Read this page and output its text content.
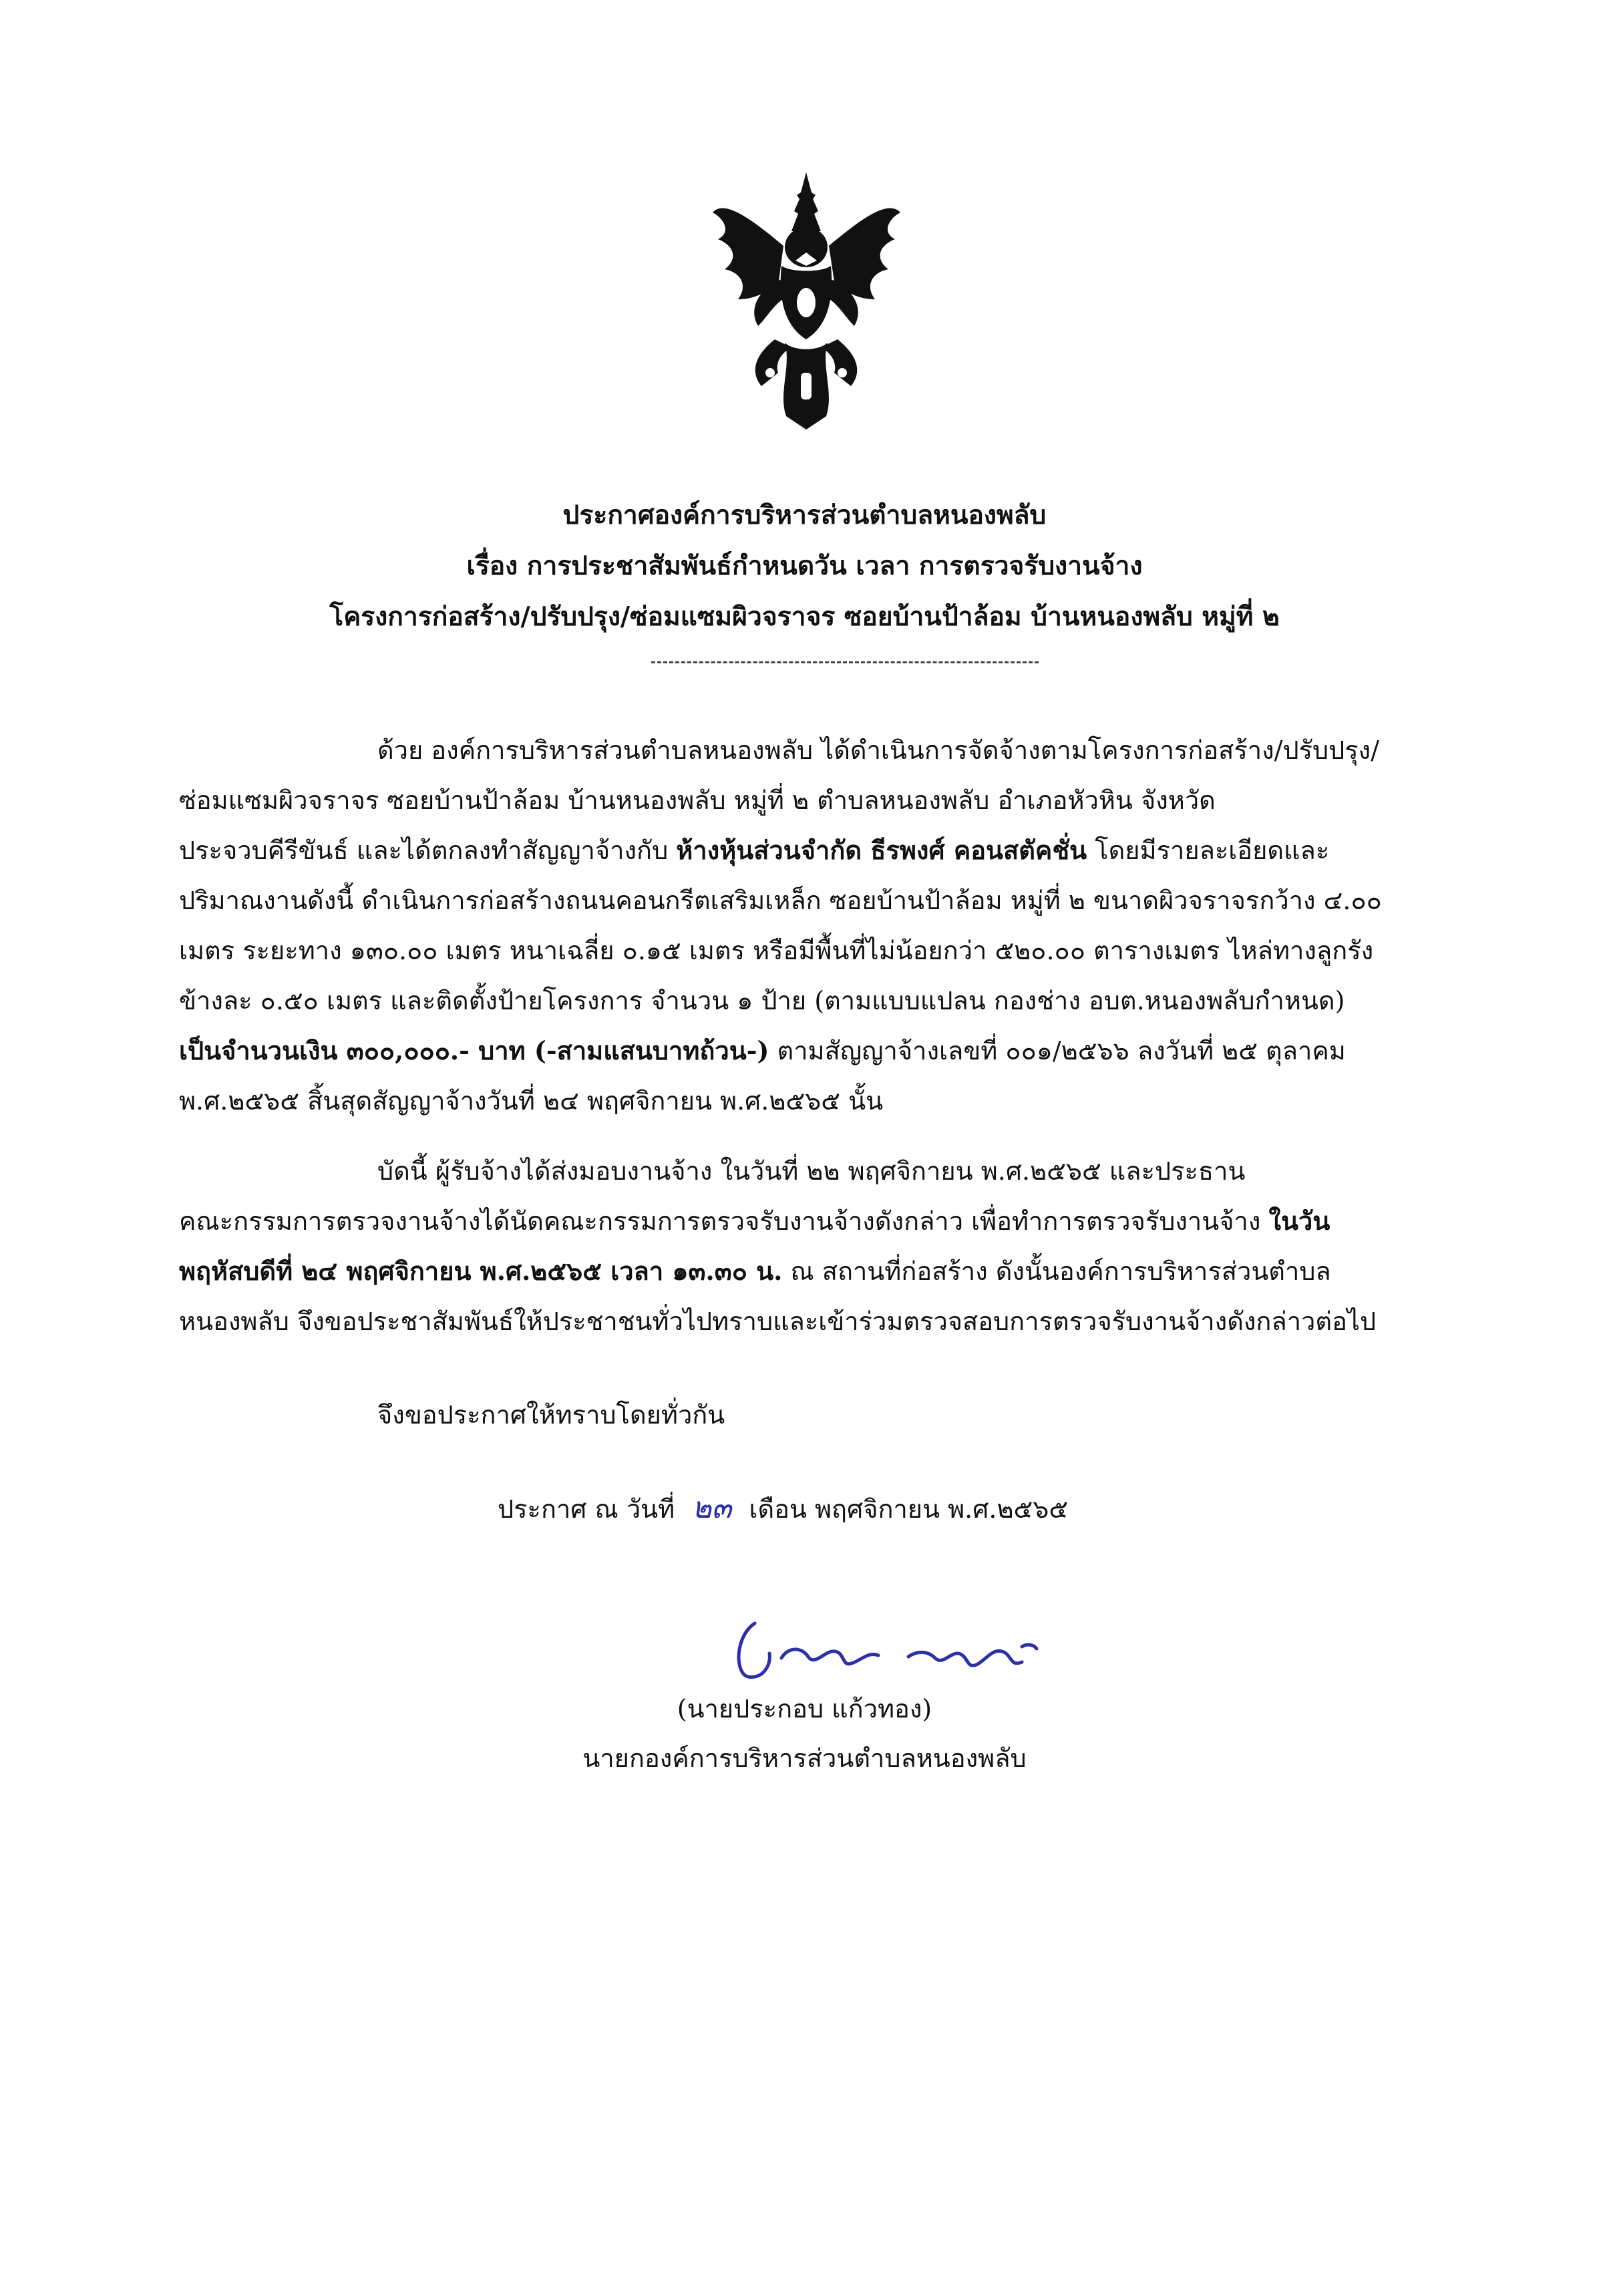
ประกาศองค์การบริหารส่วนตำบลหนองพลับ
เรื่อง การประชาสัมพันธ์กำหนดวัน เวลา การตรวจรับงานจ้าง
โครงการก่อสร้าง/ปรับปรุง/ซ่อมแซมผิวจราจร ซอยบ้านป้าล้อม บ้านหนองพลับ หมู่ที่ ๒
ด้วย องค์การบริหารส่วนตำบลหนองพลับ ได้ดำเนินการจัดจ้างตามโครงการก่อสร้าง/ปรับปรุง/
ซ่อมแซมผิวจราจร ซอยบ้านป้าล้อม บ้านหนองพลับ หมู่ที่ ๒ ตำบลหนองพลับ อำเภอหัวหิน จังหวัด
ประจวบคีรีขันธ์ และได้ตกลงทำสัญญาจ้างกับ ห้างหุ้นส่วนจำกัด ธีรพงศ์ คอนสตัคชั่น โดยมีรายละเอียดและ
ปริมาณงานดังนี้ ดำเนินการก่อสร้างถนนคอนกรีตเสริมเหล็ก ซอยบ้านป้าล้อม หมู่ที่ ๒ ขนาดผิวจราจรกว้าง ๔.๐๐
เมตร ระยะทาง ๑๓๐.๐๐ เมตร หนาเฉลี่ย ๐.๑๕ เมตร หรือมีพื้นที่ไม่น้อยกว่า ๕๒๐.๐๐ ตารางเมตร ไหล่ทางลูกรัง
ข้างละ ๐.๕๐ เมตร และติดตั้งป้ายโครงการ จำนวน ๑ ป้าย (ตามแบบแปลน กองช่าง อบต.หนองพลับกำหนด)
เป็นจำนวนเงิน ๓๐๐,๐๐๐.- บาท (-สามแสนบาทถ้วน-) ตามสัญญาจ้างเลขที่ ๐๐๑/๒๕๖๖ ลงวันที่ ๒๕ ตุลาคม
พ.ศ.๒๕๖๕ สิ้นสุดสัญญาจ้างวันที่ ๒๔ พฤศจิกายน พ.ศ.๒๕๖๕ นั้น
บัดนี้ ผู้รับจ้างได้ส่งมอบงานจ้าง ในวันที่ ๒๒ พฤศจิกายน พ.ศ.๒๕๖๕ และประธาน
คณะกรรมการตรวจงานจ้างได้นัดคณะกรรมการตรวจรับงานจ้างดังกล่าว เพื่อทำการตรวจรับงานจ้าง ในวัน
พฤหัสบดีที่ ๒๔ พฤศจิกายน พ.ศ.๒๕๖๕ เวลา ๑๓.๓๐ น. ณ สถานที่ก่อสร้าง ดังนั้นองค์การบริหารส่วนตำบล
หนองพลับ จึงขอประชาสัมพันธ์ให้ประชาชนทั่วไปทราบและเข้าร่วมตรวจสอบการตรวจรับงานจ้างดังกล่าวต่อไป
จึงขอประกาศให้ทราบโดยทั่วกัน
ประกาศ ณ วันที่ ๒๓ เดือน พฤศจิกายน พ.ศ.๒๕๖๕
(นายประกอบ แก้วทอง)
นายกองค์การบริหารส่วนตำบลหนองพลับ
